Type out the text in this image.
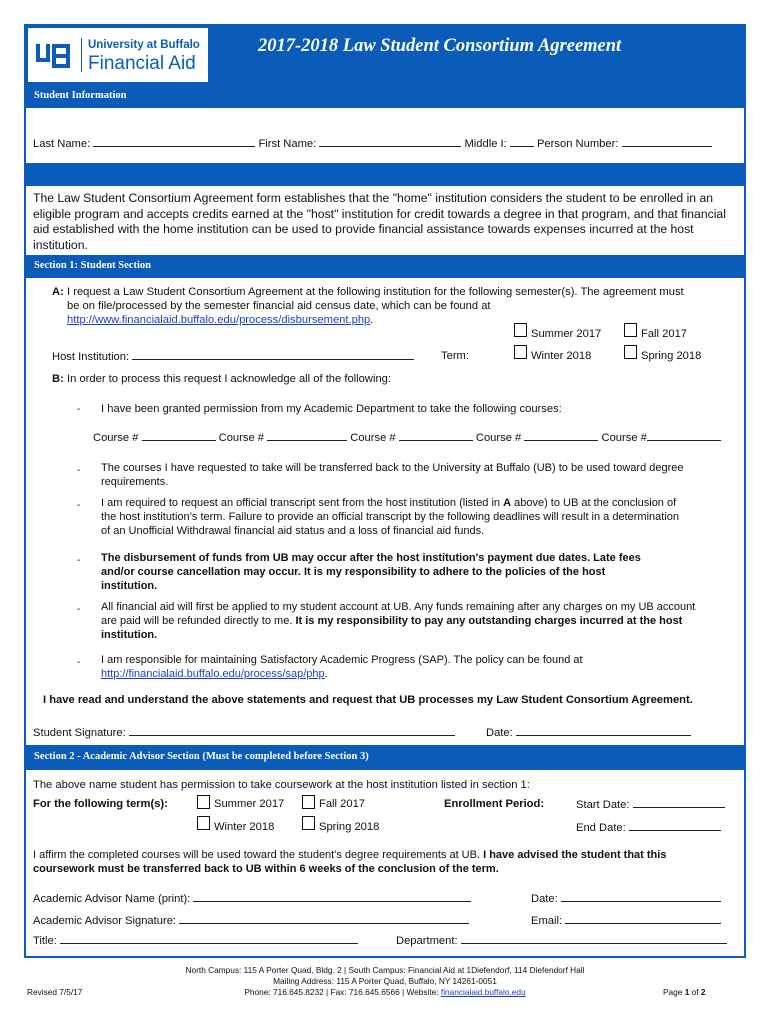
University at Buffalo
Financial Aid
2017-2018 Law Student Consortium Agreement
Student Information
Last Name:	First Name:	Middle I:	Person Number:
The Law Student Consortium Agreement form establishes that the "home" institution considers the student to be enrolled in an eligible program and accepts credits earned at the "host" institution for credit towards a degree in that program, and that financial aid established with the home institution can be used to provide financial assistance towards expenses incurred at the host institution.
Section 1: Student Section
A: I request a Law Student Consortium Agreement at the following institution for the following semester(s). The agreement must
be on file/processed by the semester financial aid census date, which can be found at
http://www.financialaid.buffalo.edu/process/disbursement.php.
Summer 2017	Fall 2017
Host Institution:	Term:	Winter 2018	Spring 2018
B: In order to process this request I acknowledge all of the following:
- I have been granted permission from my Academic Department to take the following courses:
Course #	Course #	Course #	Course #	Course #
- The courses I have requested to take will be transferred back to the University at Buffalo (UB) to be used toward degree
requirements.
- I am required to request an official transcript sent from the host institution (listed in A above) to UB at the conclusion of
the host institution’s term. Failure to provide an official transcript by the following deadlines will result in a determination
of an Unofficial Withdrawal financial aid status and a loss of financial aid funds.
- The disbursement of funds from UB may occur after the host institution's payment due dates. Late fees
and/or course cancellation may occur. It is my responsibility to adhere to the policies of the host
institution.
- All financial aid will first be applied to my student account at UB. Any funds remaining after any charges on my UB account
are paid will be refunded directly to me. It is my responsibility to pay any outstanding charges incurred at the host
institution.
- I am responsible for maintaining Satisfactory Academic Progress (SAP). The policy can be found at
http://financialaid.buffalo.edu/process/sap/php.
I have read and understand the above statements and request that UB processes my Law Student Consortium Agreement.
Student Signature:	Date:
Section 2 - Academic Advisor Section (Must be completed before Section 3)
The above name student has permission to take coursework at the host institution listed in section 1:
For the following term(s):	Summer 2017	Fall 2017	Enrollment Period:	Start Date:
Winter 2018	Spring 2018	End Date:
I affirm the completed courses will be used toward the student's degree requirements at UB. I have advised the student that this
coursework must be transferred back to UB within 6 weeks of the conclusion of the term.
Academic Advisor Name (print):	Date:
Academic Advisor Signature:	Email:
Title:	Department:
North Campus: 115 A Porter Quad, Bldg. 2 | South Campus: Financial Aid at 1Diefendorf, 114 Diefendorf Hall
Mailing Address: 115 A Porter Quad, Buffalo, NY 14261-0051
Phone: 716.645.8232 | Fax: 716.645.6566 | Website: financialaid.buffalo.edu
Revised 7/5/17	Page 1 of 2
